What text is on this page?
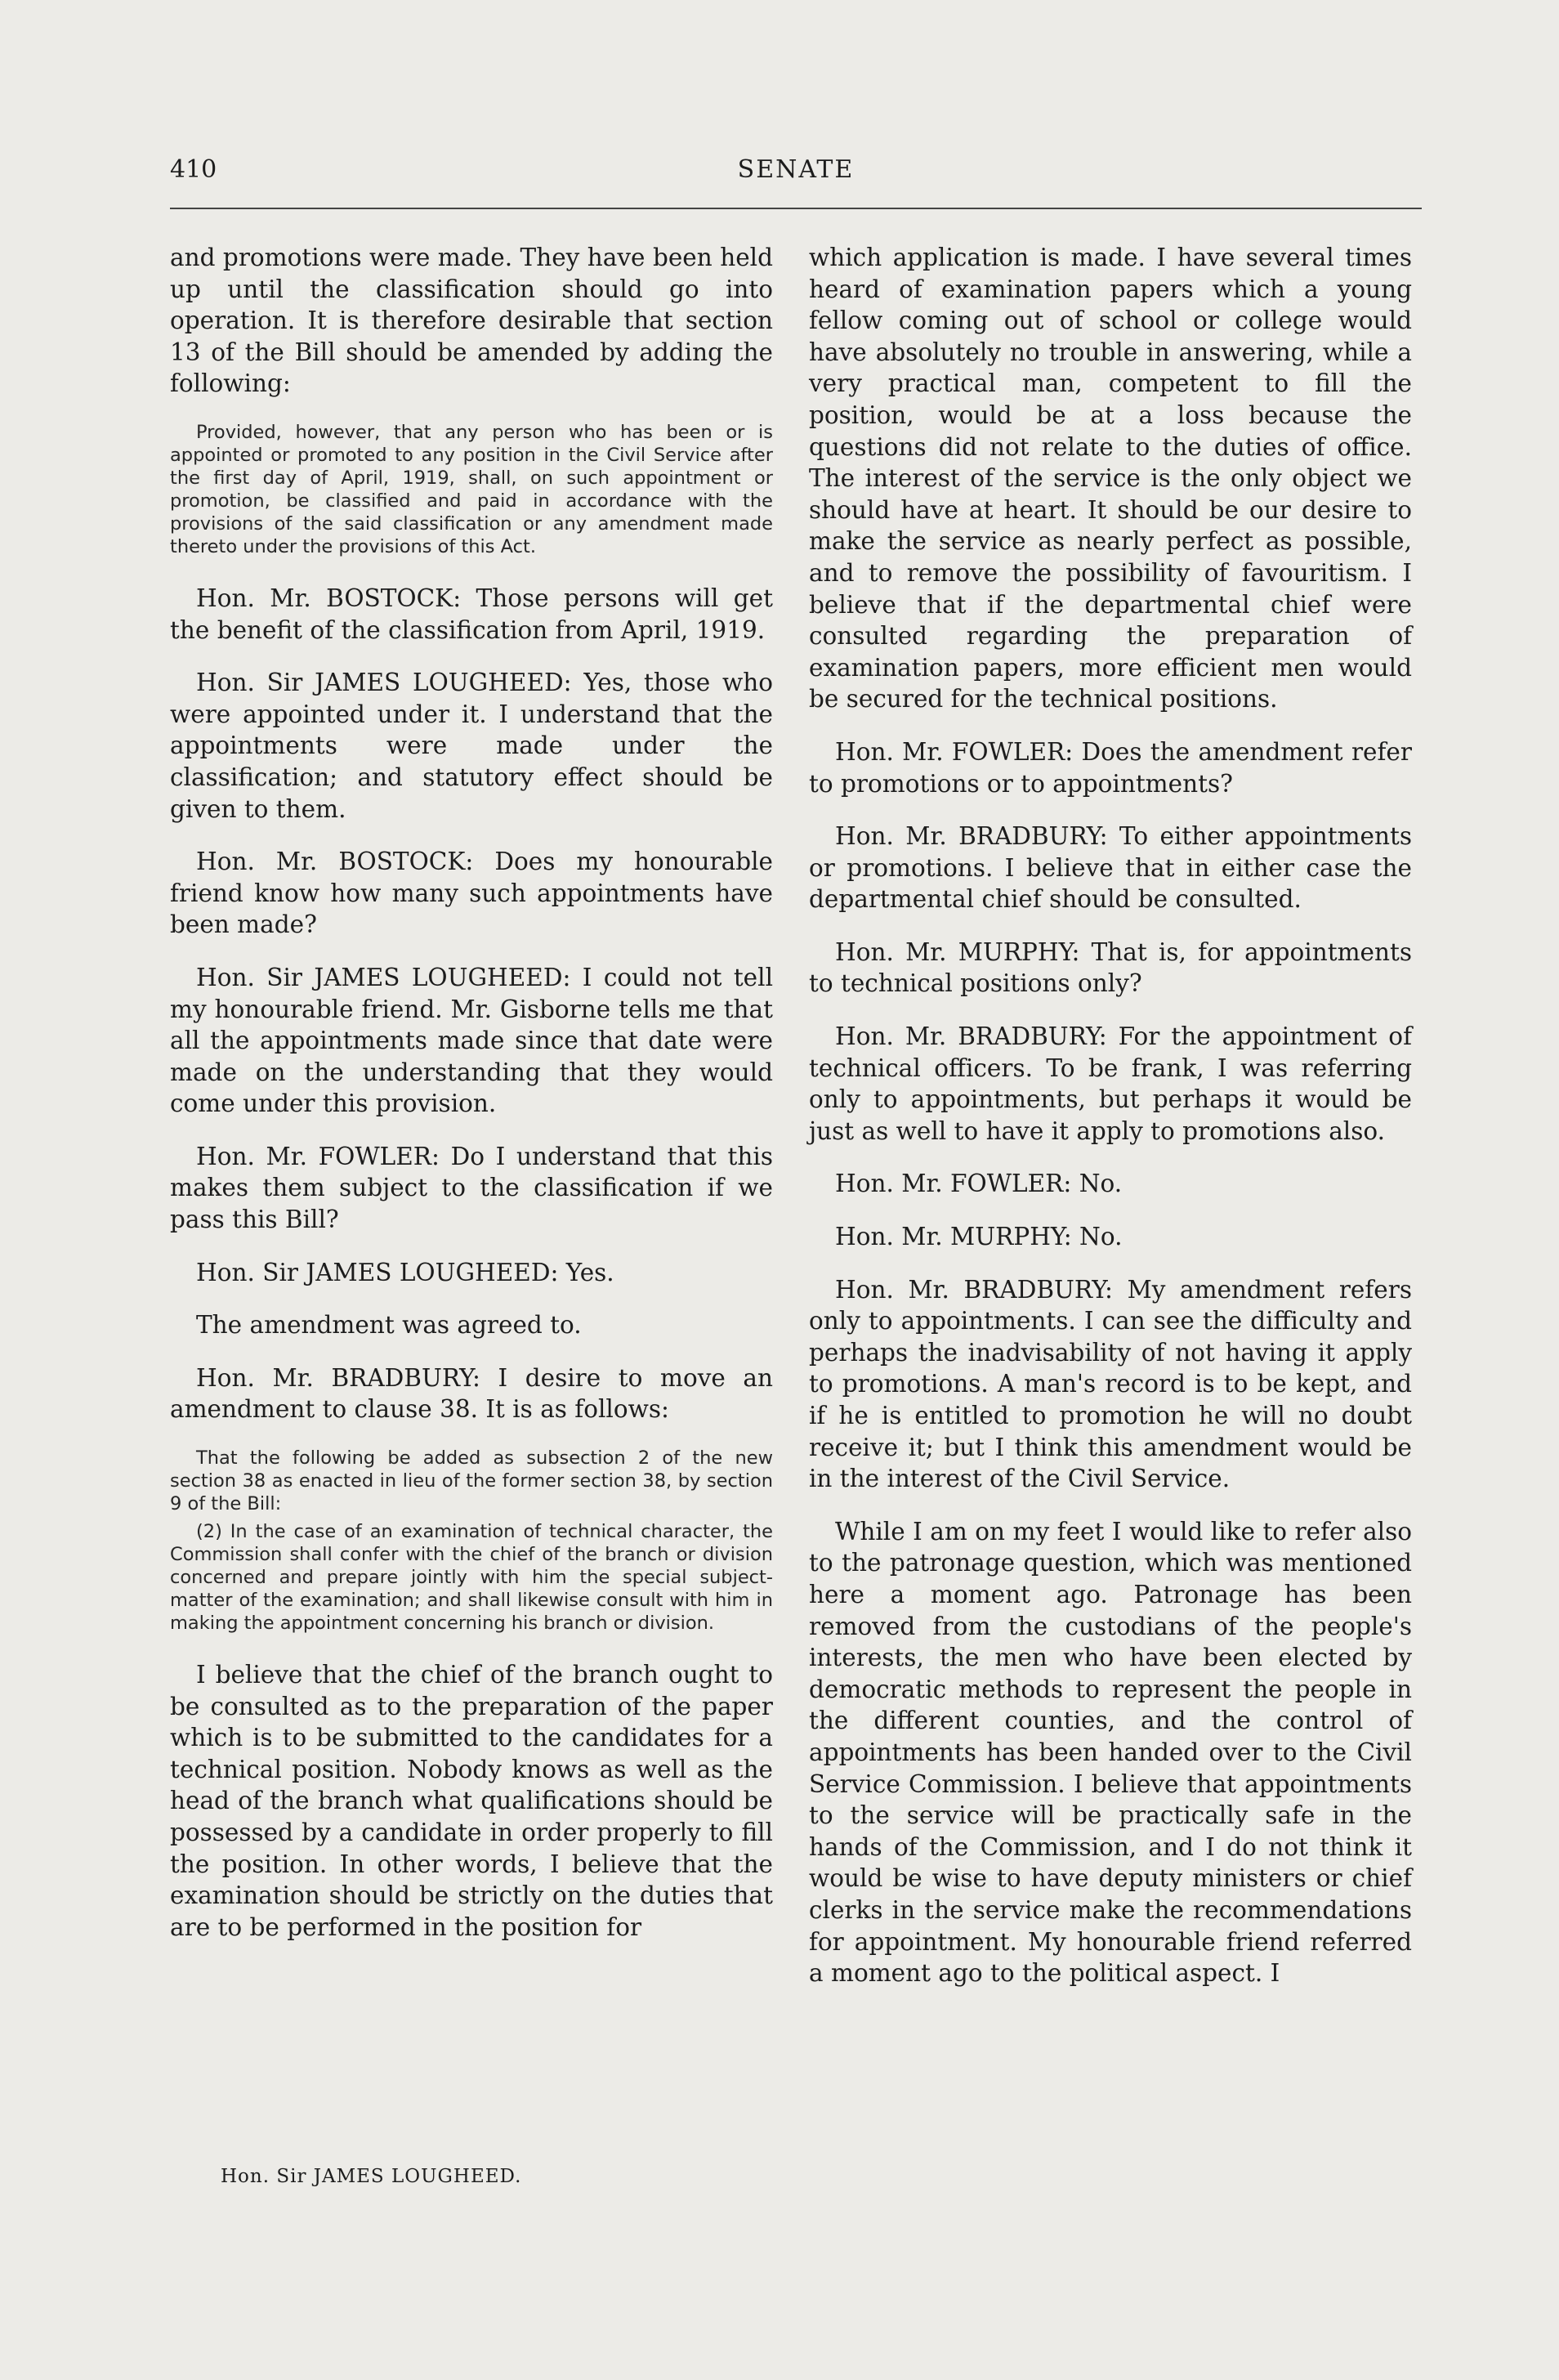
410	SENATE

and promotions were made. They have been held up until the classification should go into operation. It is therefore desirable that section 13 of the Bill should be amended by adding the following:

Provided, however, that any person who has been or is appointed or promoted to any position in the Civil Service after the first day of April, 1919, shall, on such appointment or promotion, be classified and paid in accordance with the provisions of the said classification or any amendment made thereto under the provisions of this Act.

Hon. Mr. BOSTOCK: Those persons will get the benefit of the classification from April, 1919.

Hon. Sir JAMES LOUGHEED: Yes, those who were appointed under it. I understand that the appointments were made under the classification; and statutory effect should be given to them.

Hon. Mr. BOSTOCK: Does my honourable friend know how many such appointments have been made?

Hon. Sir JAMES LOUGHEED: I could not tell my honourable friend. Mr. Gisborne tells me that all the appointments made since that date were made on the understanding that they would come under this provision.

Hon. Mr. FOWLER: Do I understand that this makes them subject to the classification if we pass this Bill?

Hon. Sir JAMES LOUGHEED: Yes.

The amendment was agreed to.

Hon. Mr. BRADBURY: I desire to move an amendment to clause 38. It is as follows:

That the following be added as subsection 2 of the new section 38 as enacted in lieu of the former section 38, by section 9 of the Bill:

(2) In the case of an examination of technical character, the Commission shall confer with the chief of the branch or division concerned and prepare jointly with him the special subject-matter of the examination; and shall likewise consult with him in making the appointment concerning his branch or division.

I believe that the chief of the branch ought to be consulted as to the preparation of the paper which is to be submitted to the candidates for a technical position. Nobody knows as well as the head of the branch what qualifications should be possessed by a candidate in order properly to fill the position. In other words, I believe that the examination should be strictly on the duties that are to be performed in the position for

which application is made. I have several times heard of examination papers which a young fellow coming out of school or college would have absolutely no trouble in answering, while a very practical man, competent to fill the position, would be at a loss because the questions did not relate to the duties of office. The interest of the service is the only object we should have at heart. It should be our desire to make the service as nearly perfect as possible, and to remove the possibility of favouritism. I believe that if the departmental chief were consulted regarding the preparation of examination papers, more efficient men would be secured for the technical positions.

Hon. Mr. FOWLER: Does the amendment refer to promotions or to appointments?

Hon. Mr. BRADBURY: To either appointments or promotions. I believe that in either case the departmental chief should be consulted.

Hon. Mr. MURPHY: That is, for appointments to technical positions only?

Hon. Mr. BRADBURY: For the appointment of technical officers. To be frank, I was referring only to appointments, but perhaps it would be just as well to have it apply to promotions also.

Hon. Mr. FOWLER: No.

Hon. Mr. MURPHY: No.

Hon. Mr. BRADBURY: My amendment refers only to appointments. I can see the difficulty and perhaps the inadvisability of not having it apply to promotions. A man's record is to be kept, and if he is entitled to promotion he will no doubt receive it; but I think this amendment would be in the interest of the Civil Service.

While I am on my feet I would like to refer also to the patronage question, which was mentioned here a moment ago. Patronage has been removed from the custodians of the people's interests, the men who have been elected by democratic methods to represent the people in the different counties, and the control of appointments has been handed over to the Civil Service Commission. I believe that appointments to the service will be practically safe in the hands of the Commission, and I do not think it would be wise to have deputy ministers or chief clerks in the service make the recommendations for appointment. My honourable friend referred a moment ago to the political aspect. I

Hon. Sir JAMES LOUGHEED.
